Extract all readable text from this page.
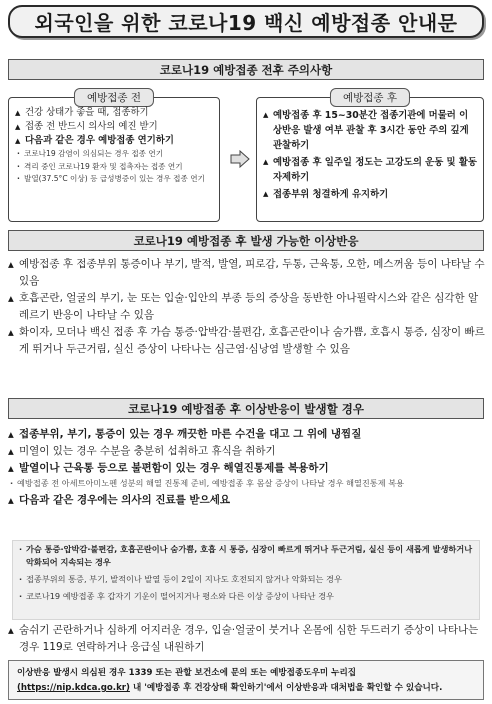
외국인을 위한 코로나19 백신 예방접종 안내문
코로나19 예방접종 전후 주의사항
예방접종 전
▲ 건강 상태가 좋을 때, 접종하기
▲ 접종 전 반드시 의사의 예진 받기
▲ 다음과 같은 경우 예방접종 연기하기
· 코로나19 감염이 의심되는 경우 접종 연기
· 격리 중인 코로나19 환자 및 접촉자는 접종 연기
· 발열(37.5°C 이상) 등 급성병증이 있는 경우 접종 연기
예방접종 후
▲ 예방접종 후 15~30분간 접종기관에 머물러 이상반응 발생 여부 관찰 후 3시간 동안 주의 깊게 관찰하기
▲ 예방접종 후 일주일 정도는 고강도의 운동 및 활동 자제하기
▲ 접종부위 청결하게 유지하기
코로나19 예방접종 후 발생 가능한 이상반응
▲ 예방접종 후 접종부위 통증이나 부기, 발적, 발열, 피로감, 두통, 근육통, 오한, 메스꺼움 등이 나타날 수 있음
▲ 호흡곤란, 얼굴의 부기, 눈 또는 입술·입안의 부종 등의 증상을 동반한 아나필락시스와 같은 심각한 알레르기 반응이 나타날 수 있음
▲ 화이자, 모더나 백신 접종 후 가슴 통증·압박감·불편감, 호흡곤란이나 숨가쁨, 호흡시 통증, 심장이 빠르게 뛰거나 두근거림, 실신 증상이 나타나는 심근염·심낭염 발생할 수 있음
코로나19 예방접종 후 이상반응이 발생할 경우
▲ 접종부위, 부기, 통증이 있는 경우 깨끗한 마른 수건을 대고 그 위에 냉찜질
▲ 미열이 있는 경우 수분을 충분히 섭취하고 휴식을 취하기
▲ 발열이나 근육통 등으로 불편함이 있는 경우 해열진통제를 복용하기
· 예방접종 전 아세트아미노펜 성분의 해열 진통제 준비, 예방접종 후 몸살 증상이 나타날 경우 해열진통제 복용
▲ 다음과 같은 경우에는 의사의 진료를 받으세요
· 가슴 통증·압박감·불편감, 호흡곤란이나 숨가쁨, 호흡 시 통증, 심장이 빠르게 뛰거나 두근거림, 실신 등이 새롭게 발생하거나 악화되어 지속되는 경우
· 접종부위의 통증, 부기, 발적이나 발열 등이 2일이 지나도 호전되지 않거나 악화되는 경우
· 코로나19 예방접종 후 갑자기 기운이 떨어지거나 평소와 다른 이상 증상이 나타난 경우
▲ 숨쉬기 곤란하거나 심하게 어지러운 경우, 입술·얼굴이 붓거나 온몸에 심한 두드러기 증상이 나타나는 경우 119로 연락하거나 응급실 내원하기
이상반응 발생시 의심된 경우 1339 또는 관할 보건소에 문의 또는 예방접종도우미 누리집
(https://nip.kdca.go.kr) 내 '예방접종 후 건강상태 확인하기'에서 이상반응과 대처법을 확인할 수 있습니다.
